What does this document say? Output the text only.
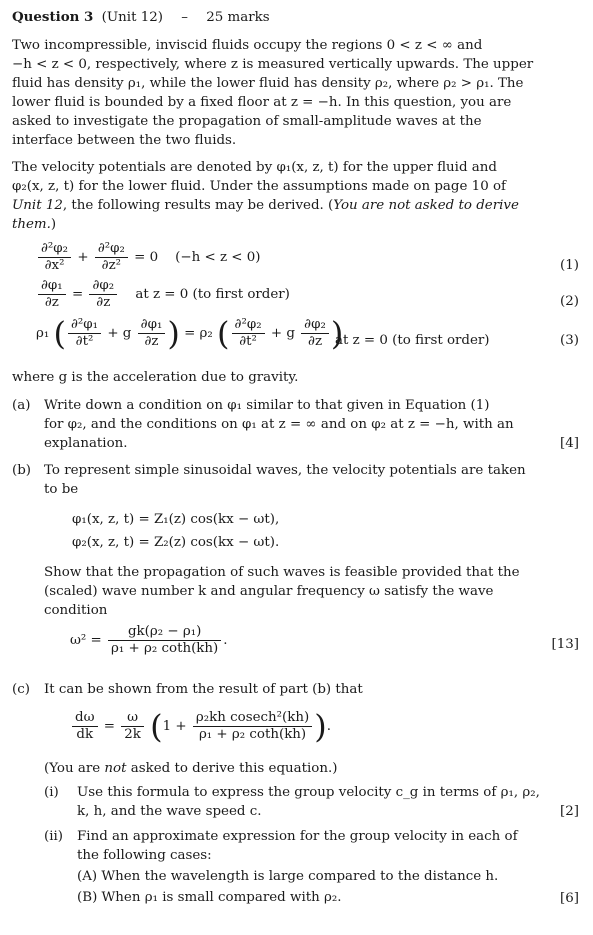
Question 3 (Unit 12) – 25 marks
Two incompressible, inviscid fluids occupy the regions 0 < z < ∞ and
−h < z < 0, respectively, where z is measured vertically upwards. The upper
fluid has density ρ₁, while the lower fluid has density ρ₂, where ρ₂ > ρ₁. The
lower fluid is bounded by a fixed floor at z = −h. In this question, you are
asked to investigate the propagation of small-amplitude waves at the
interface between the two fluids.
The velocity potentials are denoted by φ₁(x, z, t) for the upper fluid and
φ₂(x, z, t) for the lower fluid. Under the assumptions made on page 10 of
Unit 12, the following results may be derived. (You are not asked to derive
them.)
$\frac{\text{∂²φ₂}}{\text{∂x²}} + \frac{\text{∂²φ₂}}{\text{∂z²}} = 0$    (−h < z < 0)
(1)
$\frac{\text{∂φ₁}}{\partial z} = \frac{\text{∂φ₂}}{\partial z}$ at z = 0 (to first order)	(2)
ρ₁ ( $\frac{\text{∂²φ₁}}{\text{∂t²}} + g \frac{\text{∂φ₁}}{\partial z}$ ) = ρ₂ ( $\frac{\text{∂²φ₂}}{\text{∂t²}} + g \frac{\text{∂φ₂}}{\partial z}$ )
at z = 0 (to first order)	(3)
where g is the acceleration due to gravity.
(a) Write down a condition on φ₁ similar to that given in Equation (1)
for φ₂, and the conditions on φ₁ at z = ∞ and on φ₂ at z = −h, with an
explanation.	[4]
(b) To represent simple sinusoidal waves, the velocity potentials are taken
to be
φ₁(x, z, t) = Z₁(z) cos(kx − ωt),
φ₂(x, z, t) = Z₂(z) cos(kx − ωt).
Show that the propagation of such waves is feasible provided that the
(scaled) wave number k and angular frequency ω satisfy the wave
condition
$\omega^2 = \frac{\text{gk(ρ₂ − ρ₁)}}{\text{ρ₁ + ρ₂ coth(kh)}}$ .	[13]
(c) It can be shown from the result of part (b) that
$\frac{d\omega}{dk} = \frac{\omega}{2k} (1 + \frac{\text{ρ₂kh cosech²(kh)}}{\text{ρ₁ + ρ₂ coth(kh)}}$ ).
(You are not asked to derive this equation.)
(i) Use this formula to express the group velocity c_g in terms of ρ₁, ρ₂,
k, h, and the wave speed c.	[2]
(ii) Find an approximate expression for the group velocity in each of
the following cases:
(A) When the wavelength is large compared to the distance h.
(B) When ρ₁ is small compared with ρ₂.	[6]
